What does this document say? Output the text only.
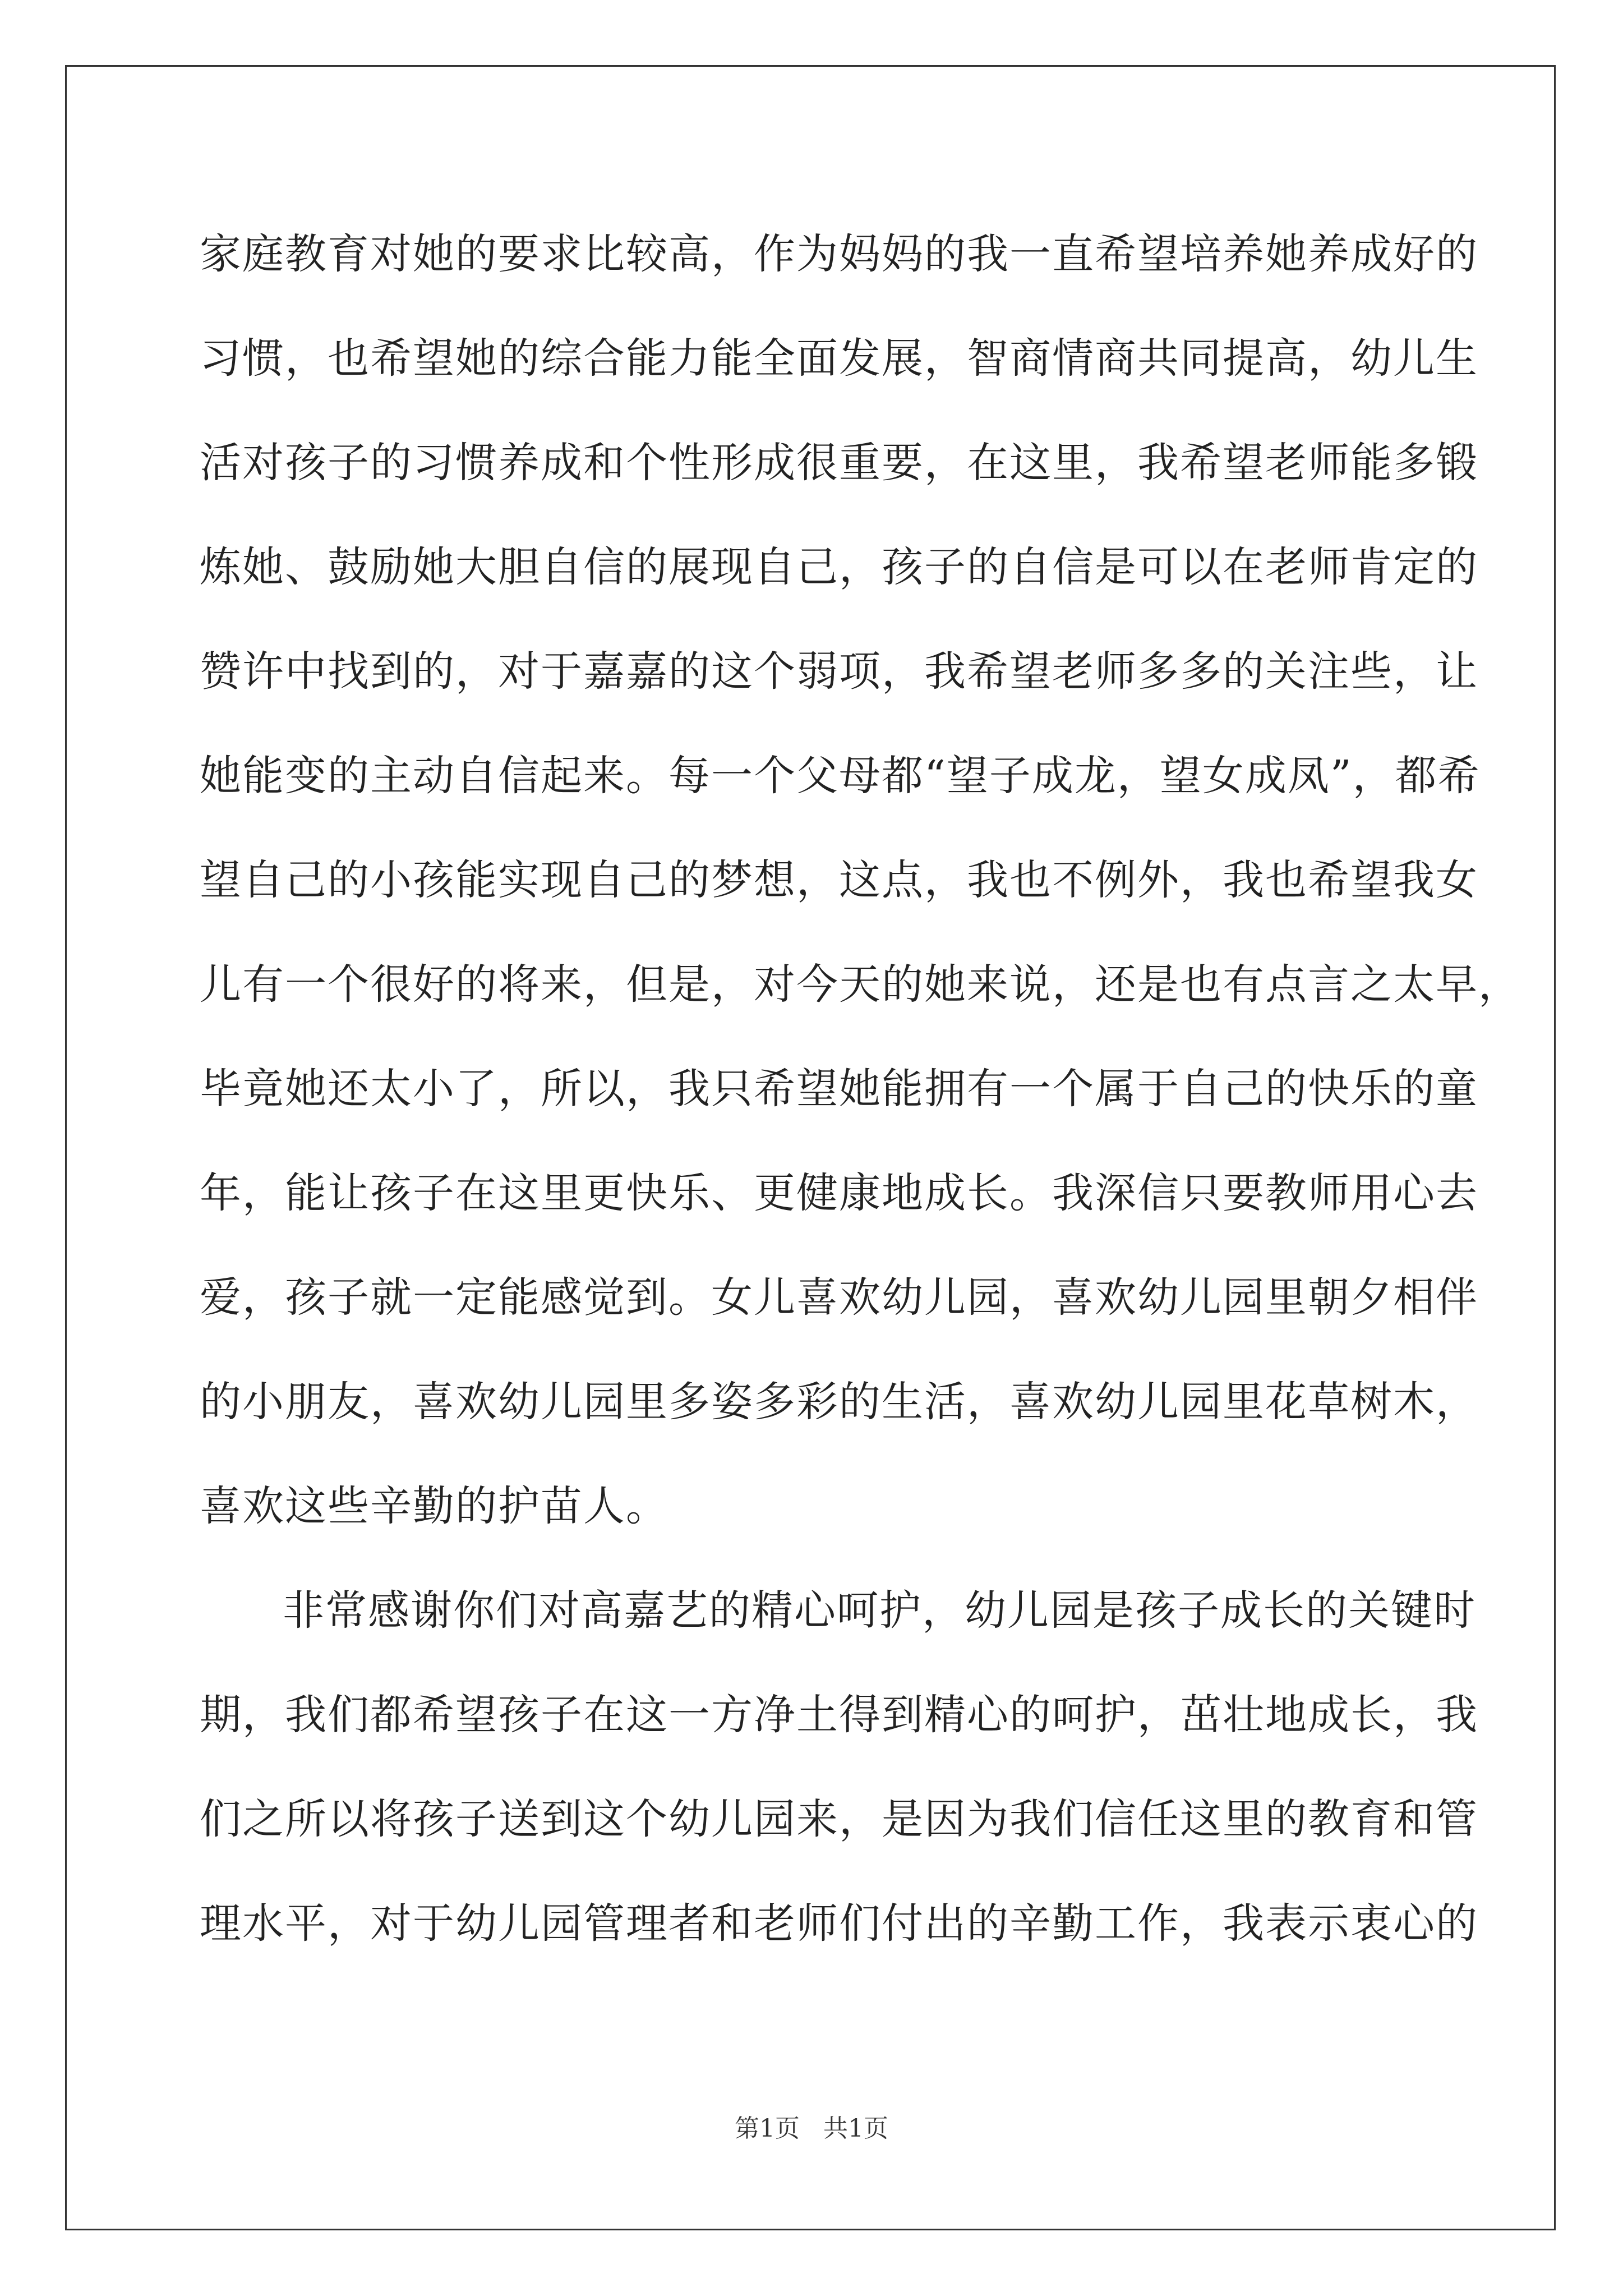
家庭教育对她的要求比较高，作为妈妈的我一直希望培养她养成好的
习惯，也希望她的综合能力能全面发展，智商情商共同提高，幼儿生
活对孩子的习惯养成和个性形成很重要，在这里，我希望老师能多锻
炼她、鼓励她大胆自信的展现自己，孩子的自信是可以在老师肯定的
赞许中找到的，对于嘉嘉的这个弱项，我希望老师多多的关注些，让
她能变的主动自信起来。每一个父母都“望子成龙，望女成凤”，都希
望自己的小孩能实现自己的梦想，这点，我也不例外，我也希望我女
儿有一个很好的将来，但是，对今天的她来说，还是也有点言之太早，
毕竟她还太小了，所以，我只希望她能拥有一个属于自己的快乐的童
年，能让孩子在这里更快乐、更健康地成长。我深信只要教师用心去
爱，孩子就一定能感觉到。女儿喜欢幼儿园，喜欢幼儿园里朝夕相伴
的小朋友，喜欢幼儿园里多姿多彩的生活，喜欢幼儿园里花草树木，
喜欢这些辛勤的护苗人。

非常感谢你们对高嘉艺的精心呵护，幼儿园是孩子成长的关键时
期，我们都希望孩子在这一方净土得到精心的呵护，茁壮地成长，我
们之所以将孩子送到这个幼儿园来，是因为我们信任这里的教育和管
理水平，对于幼儿园管理者和老师们付出的辛勤工作，我表示衷心的

第1页   共1页
